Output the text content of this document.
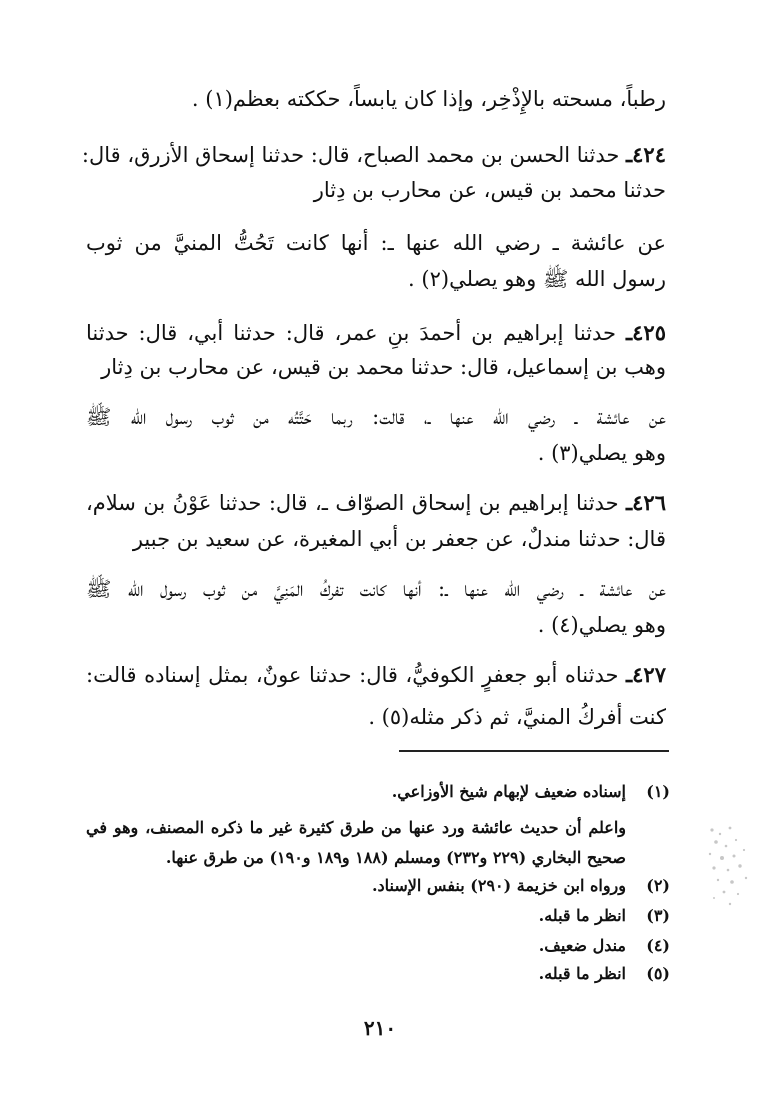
رطباً، مسحته بالإِذْخِر، وإذا كان يابساً، حككته بعظم(١) .
٤٢٤ـ حدثنا الحسن بن محمد الصباح، قال: حدثنا إسحاق الأزرق، قال:
حدثنا محمد بن قيس، عن محارب بن دِثار
عن عائشة ـ رضي الله عنها ـ: أنها كانت تَحُتُّ المنيَّ من ثوب
رسول الله ﷺ وهو يصلي(٢) .
٤٢٥ـ حدثنا إبراهيم بن أحمدَ بنِ عمر، قال: حدثنا أبي، قال: حدثنا
وهب بن إسماعيل، قال: حدثنا محمد بن قيس، عن محارب بن دِثار
عن عائشة ـ رضي الله عنها ـ، قالت: ربما حَتَّتُه من ثوب رسول الله ﷺ
وهو يصلي(٣) .
٤٢٦ـ حدثنا إبراهيم بن إسحاق الصوّاف ـ، قال: حدثنا عَوْنُ بن سلام،
قال: حدثنا مندلٌ، عن جعفر بن أبي المغيرة، عن سعيد بن جبير
عن عائشة ـ رضي الله عنها ـ: أنها كانت تفركُ المَنِيَّ من ثوب رسول الله ﷺ
وهو يصلي(٤) .
٤٢٧ـ حدثناه أبو جعفرٍ الكوفيُّ، قال: حدثنا عونٌ، بمثل إسناده قالت:
كنت أفركُ المنيَّ، ثم ذكر مثله(٥) .
(١)إسناده ضعيف لإبهام شيخ الأوزاعي.
واعلم أن حديث عائشة ورد عنها من طرق كثيرة غير ما ذكره المصنف، وهو في
صحيح البخاري (٢٢٩ و٢٣٢) ومسلم (١٨٨ و١٨٩ و١٩٠) من طرق عنها.
(٢)ورواه ابن خزيمة (٢٩٠) بنفس الإسناد.
(٣)انظر ما قبله.
(٤)مندل ضعيف.
(٥)انظر ما قبله.
٢١٠
